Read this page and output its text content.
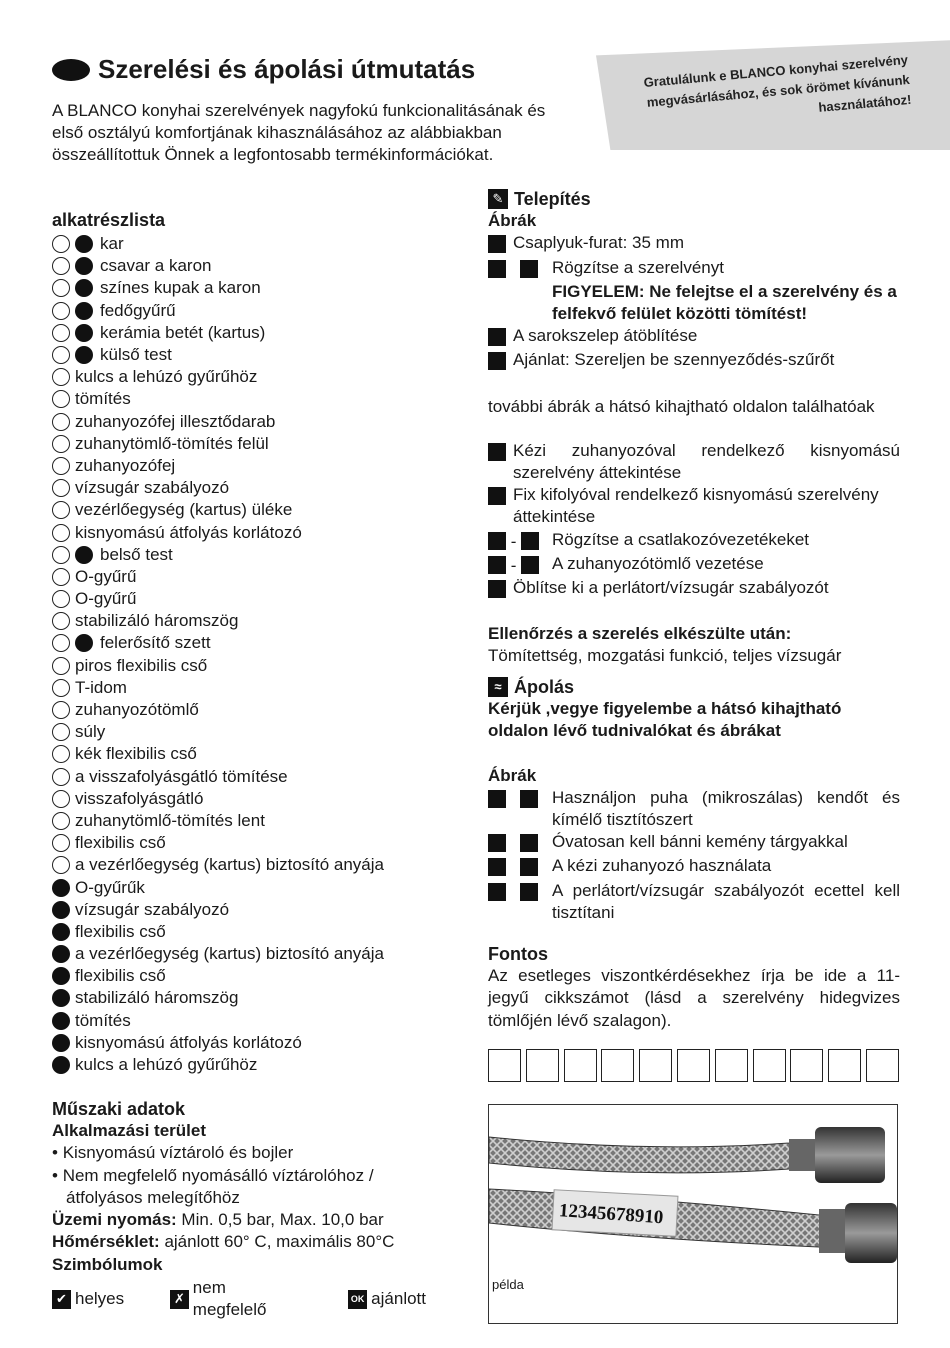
Szerelési és ápolási útmutatás
A BLANCO konyhai szerelvények nagyfokú funkcionalitásának és első osztályú komfortjának kihasználásához az alábbiakban összeállítottuk Önnek a legfontosabb termékinformációkat.
Gratulálunk e BLANCO konyhai szerelvény megvásárlásához, és sok örömet kívánunk használatához!
alkatrészlista
kar
csavar a karon
színes kupak a karon
fedőgyűrű
kerámia betét (kartus)
külső test
kulcs a lehúzó gyűrűhöz
tömítés
zuhanyozófej illesztődarab
zuhanytömlő-tömítés felül
zuhanyozófej
vízsugár szabályozó
vezérlőegység (kartus) üléke
kisnyomású átfolyás korlátozó
belső test
O-gyűrű
O-gyűrű
stabilizáló háromszög
felerősítő szett
piros flexibilis cső
T-idom
zuhanyozótömlő
súly
kék flexibilis cső
a visszafolyásgátló tömítése
visszafolyásgátló
zuhanytömlő-tömítés lent
flexibilis cső
a vezérlőegység (kartus) biztosító anyája
O-gyűrűk
vízsugár szabályozó
flexibilis cső
a vezérlőegység (kartus) biztosító anyája
flexibilis cső
stabilizáló háromszög
tömítés
kisnyomású átfolyás korlátozó
kulcs a lehúzó gyűrűhöz
Műszaki adatok
Alkalmazási terület
• Kisnyomású víztároló és bojler
• Nem megfelelő nyomásálló víztárolóhoz /
átfolyásos melegítőhöz
Üzemi nyomás: Min. 0,5 bar, Max. 10,0 bar
Hőmérséklet: ajánlott 60° C, maximális 80°C
Szimbólumok
✔ helyes	✗
nem megfelelő
OK ajánlott
✎ Telepítés
Ábrák
Csaplyuk-furat: 35 mm
Rögzítse a szerelvényt
FIGYELEM: Ne felejtse el a szerelvény és a felfekvő felület közötti tömítést!
A sarokszelep átöblítése
Ajánlat: Szereljen be szennyeződés-szűrőt
további ábrák a hátsó kihajtható oldalon találhatóak
Kézi zuhanyozóval rendelkező kisnyomású szerelvény áttekintése
Fix kifolyóval rendelkező kisnyomású szerelvény áttekintése
-	Rögzítse a csatlakozóvezetékeket
-	A zuhanyozótömlő vezetése
Öblítse ki a perlátort/vízsugár szabályozót
Ellenőrzés a szerelés elkészülte után:
Tömítettség, mozgatási funkció, teljes vízsugár
≈ Ápolás
Kérjük ,vegye figyelembe a hátsó kihajtható oldalon lévő tudnivalókat és ábrákat
Ábrák
Használjon puha (mikroszálas) kendőt és kímélő tisztítószert
Óvatosan kell bánni kemény tárgyakkal
A kézi zuhanyozó használata
A perlátort/vízsugár szabályozót ecettel kell tisztítani
Fontos
Az esetleges viszontkérdésekhez írja be ide a 11-jegyű cikkszámot (lásd a szerelvény hidegvizes tömlőjén lévő szalagon).
12345678910
példa
